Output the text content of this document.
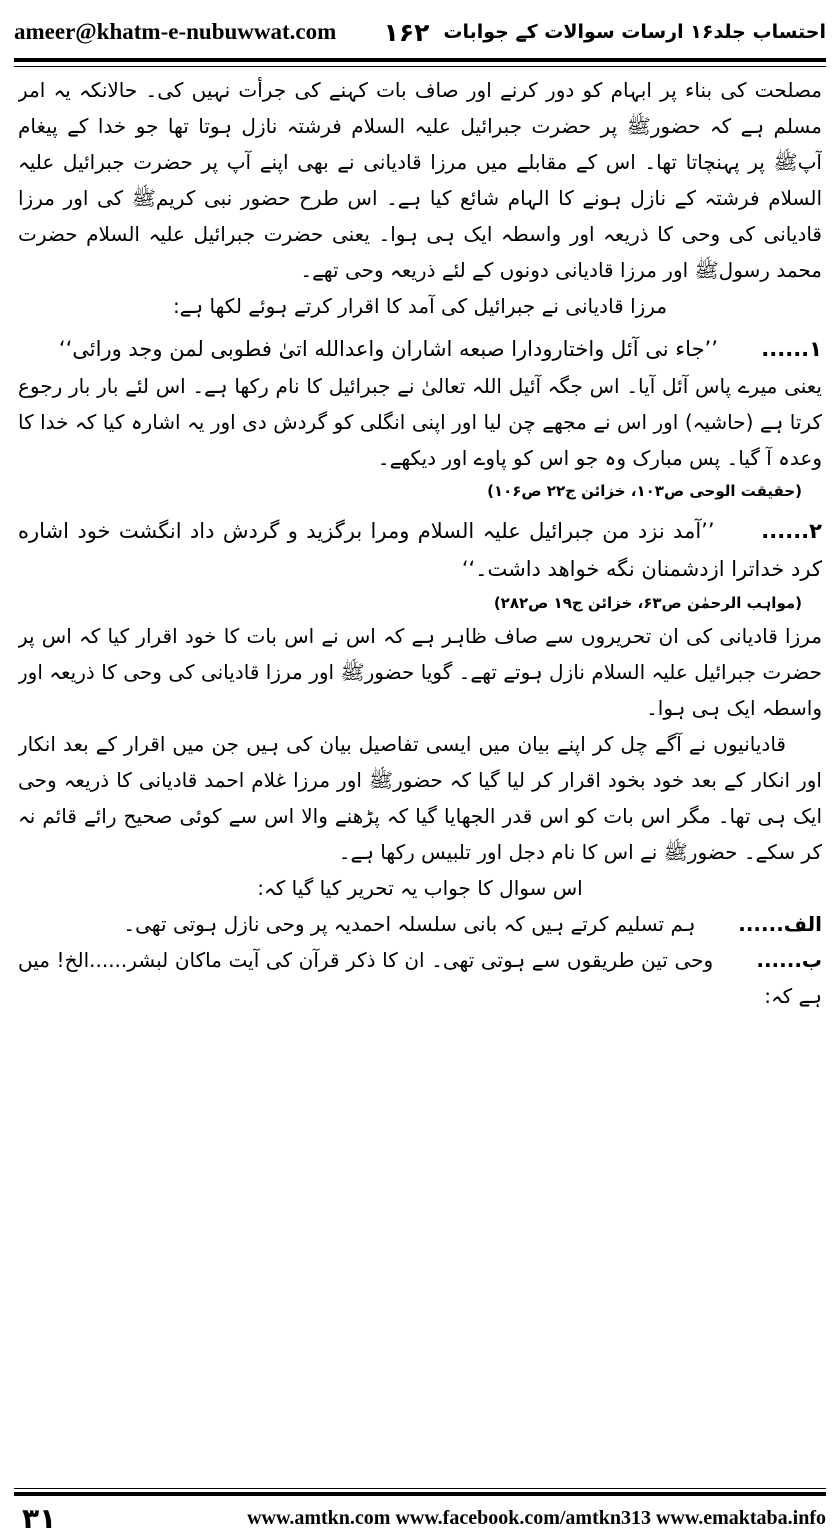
ameer@khatm-e-nubuwwat.com	احتساب جلد۱۶ ارسات سوالات کے جوابات
۱۶۲

مصلحت کی بناء پر ابہام کو دور کرنے اور صاف بات کہنے کی جرأت نہیں کی۔ حالانکہ یہ امر مسلم ہے کہ حضورﷺ پر حضرت جبرائیل علیہ السلام فرشتہ نازل ہوتا تھا جو خدا کے پیغام آپﷺ پر پہنچاتا تھا۔ اس کے مقابلے میں مرزا قادیانی نے بھی اپنے آپ پر حضرت جبرائیل علیہ السلام فرشتہ کے نازل ہونے کا الہام شائع کیا ہے۔ اس طرح حضور نبی کریمﷺ کی اور مرزا قادیانی کی وحی کا ذریعہ اور واسطہ ایک ہی ہوا۔ یعنی حضرت جبرائیل علیہ السلام حضرت محمد رسولﷺ اور مرزا قادیانی دونوں کے لئے ذریعہ وحی تھے۔

مرزا قادیانی نے جبرائیل کی آمد کا اقرار کرتے ہوئے لکھا ہے:

۱......  ’’جاء نی آئل واختارودارا صبعه اشاران واعدالله اتیٰ فطوبی لمن وجد ورائی‘‘

یعنی میرے پاس آئل آیا۔ اس جگہ آئیل اللہ تعالیٰ نے جبرائیل کا نام رکھا ہے۔ اس لئے بار بار رجوع کرتا ہے (حاشیہ) اور اس نے مجھے چن لیا اور اپنی انگلی کو گردش دی اور یہ اشارہ کیا کہ خدا کا وعدہ آ گیا۔ پس مبارک وہ جو اس کو پاوے اور دیکھے۔

(حقیقت الوحی ص۱۰۳، خزائن ج۲۲ ص۱۰۶)

۲......  ’’آمد نزد من جبرائیل علیہ السلام ومرا برگزید و گردش داد انگشت خود اشاره کرد خداترا ازدشمنان نگه خواهد داشت۔‘‘

(مواہب الرحمٰن ص۶۳، خزائن ج۱۹ ص۲۸۲)

مرزا قادیانی کی ان تحریروں سے صاف ظاہر ہے کہ اس نے اس بات کا خود اقرار کیا کہ اس پر حضرت جبرائیل علیہ السلام نازل ہوتے تھے۔ گویا حضورﷺ اور مرزا قادیانی کی وحی کا ذریعہ اور واسطہ ایک ہی ہوا۔

قادیانیوں نے آگے چل کر اپنے بیان میں ایسی تفاصیل بیان کی ہیں جن میں اقرار کے بعد انکار اور انکار کے بعد خود بخود اقرار کر لیا گیا کہ حضورﷺ اور مرزا غلام احمد قادیانی کا ذریعہ وحی ایک ہی تھا۔ مگر اس بات کو اس قدر الجھایا گیا کہ پڑھنے والا اس سے کوئی صحیح رائے قائم نہ کر سکے۔ حضورﷺ نے اس کا نام دجل اور تلبیس رکھا ہے۔

اس سوال کا جواب یہ تحریر کیا گیا کہ:

الف......  ہم تسلیم کرتے ہیں کہ بانی سلسلہ احمدیہ پر وحی نازل ہوتی تھی۔

ب......  وحی تین طریقوں سے ہوتی تھی۔ ان کا ذکر قرآن کی آیت ماکان لبشر......الخ! میں ہے کہ:

۳۱	www.amtkn.com www.facebook.com/amtkn313 www.emaktaba.info
